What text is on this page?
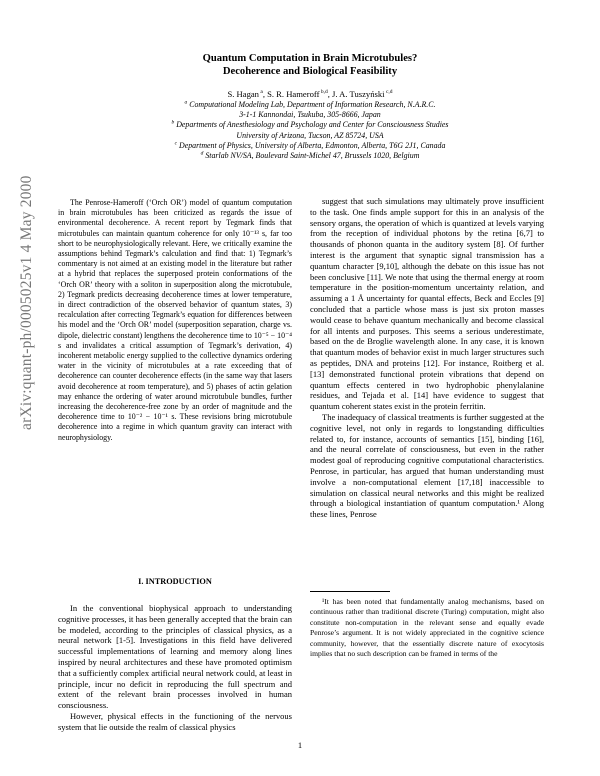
arXiv:quant-ph/0005025v1 4 May 2000
Quantum Computation in Brain Microtubules?
Decoherence and Biological Feasibility
S. Hagan $^a$, S. R. Hameroff $^{b,d}$, J. A. Tuszyński $^{c,d}$
$^a$ Computational Modeling Lab, Department of Information Research, N.A.R.C.
3-1-1 Kannondai, Tsukuba, 305-8666, Japan
$^b$ Departments of Anesthesiology and Psychology and Center for Consciousness Studies
University of Arizona, Tucson, AZ 85724, USA
$^c$ Department of Physics, University of Alberta, Edmonton, Alberta, T6G 2J1, Canada
$^d$ Starlab NV/SA, Boulevard Saint-Michel 47, Brussels 1020, Belgium

The Penrose-Hameroff (‘Orch OR’) model of quantum computation in brain microtubules has been criticized as regards the issue of environmental decoherence. A recent report by Tegmark finds that microtubules can maintain quantum coherence for only 10⁻¹³ s, far too short to be neurophysiologically relevant. Here, we critically examine the assumptions behind Tegmark’s calculation and find that: 1) Tegmark’s commentary is not aimed at an existing model in the literature but rather at a hybrid that replaces the superposed protein conformations of the ‘Orch OR’ theory with a soliton in superposition along the microtubule, 2) Tegmark predicts decreasing decoherence times at lower temperature, in direct contradiction of the observed behavior of quantum states, 3) recalculation after correcting Tegmark’s equation for differences between his model and the ‘Orch OR’ model (superposition separation, charge vs. dipole, dielectric constant) lengthens the decoherence time to 10⁻⁵ − 10⁻⁴ s and invalidates a critical assumption of Tegmark’s derivation, 4) incoherent metabolic energy supplied to the collective dynamics ordering water in the vicinity of microtubules at a rate exceeding that of decoherence can counter decoherence effects (in the same way that lasers avoid decoherence at room temperature), and 5) phases of actin gelation may enhance the ordering of water around microtubule bundles, further increasing the decoherence-free zone by an order of magnitude and the decoherence time to 10⁻² − 10⁻¹ s. These revisions bring microtubule decoherence into a regime in which quantum gravity can interact with neurophysiology.

I. INTRODUCTION

In the conventional biophysical approach to understanding cognitive processes, it has been generally accepted that the brain can be modeled, according to the principles of classical physics, as a neural network [1-5]. Investigations in this field have delivered successful implementations of learning and memory along lines inspired by neural architectures and these have promoted optimism that a sufficiently complex artificial neural network could, at least in principle, incur no deficit in reproducing the full spectrum and extent of the relevant brain processes involved in human consciousness.

However, physical effects in the functioning of the nervous system that lie outside the realm of classical physics

suggest that such simulations may ultimately prove insufficient to the task. One finds ample support for this in an analysis of the sensory organs, the operation of which is quantized at levels varying from the reception of individual photons by the retina [6,7] to thousands of phonon quanta in the auditory system [8]. Of further interest is the argument that synaptic signal transmission has a quantum character [9,10], although the debate on this issue has not been conclusive [11]. We note that using the thermal energy at room temperature in the position-momentum uncertainty relation, and assuming a 1 Å uncertainty for quantal effects, Beck and Eccles [9] concluded that a particle whose mass is just six proton masses would cease to behave quantum mechanically and become classical for all intents and purposes. This seems a serious underestimate, based on the de Broglie wavelength alone. In any case, it is known that quantum modes of behavior exist in much larger structures such as peptides, DNA and proteins [12]. For instance, Roitberg et al. [13] demonstrated functional protein vibrations that depend on quantum effects centered in two hydrophobic phenylalanine residues, and Tejada et al. [14] have evidence to suggest that quantum coherent states exist in the protein ferritin.

The inadequacy of classical treatments is further suggested at the cognitive level, not only in regards to longstanding difficulties related to, for instance, accounts of semantics [15], binding [16], and the neural correlate of consciousness, but even in the rather modest goal of reproducing cognitive computational characteristics. Penrose, in particular, has argued that human understanding must involve a non-computational element [17,18] inaccessible to simulation on classical neural networks and this might be realized through a biological instantiation of quantum computation.¹ Along these lines, Penrose

¹It has been noted that fundamentally analog mechanisms, based on continuous rather than traditional discrete (Turing) computation, might also constitute non-computation in the relevant sense and equally evade Penrose’s argument. It is not widely appreciated in the cognitive science community, however, that the essentially discrete nature of exocytosis implies that no such description can be framed in terms of the

1
